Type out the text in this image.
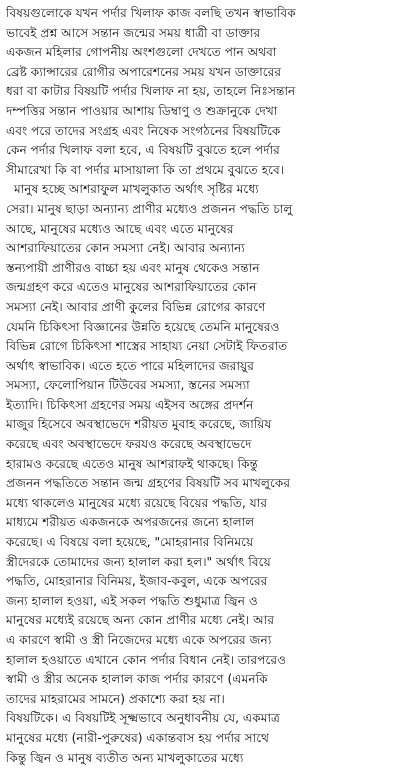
বিষয়গুলোকে যখন পর্দার খিলাফ কাজ বলছি তখন স্বাভাবিক
ভাবেই প্রশ্ন আসে সন্তান জন্মের সময় ধাত্রী বা ডাক্তার
একজন মহিলার গোপনীয় অংশগুলো দেখতে পান অথবা
ব্রেষ্ট ক্যান্সারের রোগীর অপারেশনের সময় যখন ডাক্তারের
ধরা বা কাটার বিষয়টি পর্দার খিলাফ না হয়, তাহলে নিঃসন্তান
দম্পত্তির সন্তান পাওয়ার আশায় ডিম্বাণু ও শুক্রানুকে দেখা
এবং পরে তাদের সংগ্রহ এবং নিষেক সংগঠনের বিষয়টিকে
কেন পর্দার খিলাফ বলা হবে, এ বিষয়টি বুঝতে হলে পর্দার
সীমারেখা কি বা পর্দার মাসায়ালা কি তা প্রথমে বুঝতে হবে।
মানুষ হচ্ছে আশরাফুল মাখলুকাত অর্থাৎ সৃষ্টির মধ্যে
সেরা। মানুষ ছাড়া অন্যান্য প্রাণীর মধ্যেও প্রজনন পদ্ধতি চালু
আছে, মানুষের মধ্যেও আছে এবং এতে মানুষের
আশরাফিয়াতের কোন সমস্যা নেই। আবার অন্যান্য
স্তন্যপায়ী প্রাণীরও বাচ্চা হয় এবং মানুষ থেকেও সন্তান
জন্মগ্রহণ করে এতেও মানুষের আশরাফিয়াতের কোন
সমস্যা নেই। আবার প্রাণী কুলের বিভিন্ন রোগের কারণে
যেমনি চিকিৎসা বিজ্ঞানের উন্নতি হয়েছে তেমনি মানুষেরও
বিভিন্ন রোগে চিকিৎসা শাস্ত্রের সাহায্য নেয়া সেটাই ফিতরাত
অর্থাৎ স্বাভাবিক। এতে হতে পারে মহিলাদের জরায়ুর
সমস্যা, ফেলোপিয়ান টিউবের সমস্যা, স্তনের সমস্যা
ইত্যাদি। চিকিৎসা গ্রহণের সময় এইসব অঙ্গের প্রদর্শন
মাজুর হিসেবে অবস্থাভেদে শরীয়ত মুবাহ করেছে, জায়িয
করেছে এবং অবস্থাভেদে ফরযও করেছে অবস্থাভেদে
হারামও করেছে এতেও মানুষ আশরাফই থাকছে। কিন্তু
প্রজনন পদ্ধতিতে সন্তান জন্ম গ্রহণের বিষয়টি সব মাখলুকের
মধ্যে থাকলেও মানুষের মধ্যে রয়েছে বিয়ের পদ্ধতি, যার
মাধ্যমে শরীয়ত একজনকে অপরজনের জন্যে হালাল
করেছে। এ বিষয়ে বলা হয়েছে, "মোহরানার বিনিময়ে
স্ত্রীদেরকে তোমাদের জন্য হালাল করা হল।" অর্থাৎ বিয়ে
পদ্ধতি, মোহরানার বিনিময়, ইজাব-কবুল, একে অপরের
জন্য হালাল হওয়া, এই সকল পদ্ধতি শুধুমাত্র জ্বিন ও
মানুষের মধ্যেই রয়েছে অন্য কোন প্রাণীর মধ্যে নেই। আর
এ কারণে স্বামী ও স্ত্রী নিজেদের মধ্যে একে অপরের জন্য
হালাল হওয়াতে এখানে কোন পর্দার বিধান নেই। তারপরেও
স্বামী ও স্ত্রীর অনেক হালাল কাজ পর্দার কারণে (এমনকি
তাদের মাহরামের সামনে) প্রকাশ্যে করা হয় না।
বিষয়টিকে। এ বিষয়টিই সূক্ষ্মভাবে অনুধাবনীয় যে, একমাত্র
মানুষের মধ্যে (নারী-পুরুষের) একান্তবাস হয় পর্দার সাথে
কিন্তু জ্বিন ও মানুষ ব্যতীত অন্য মাখলুকাতের মধ্যে
